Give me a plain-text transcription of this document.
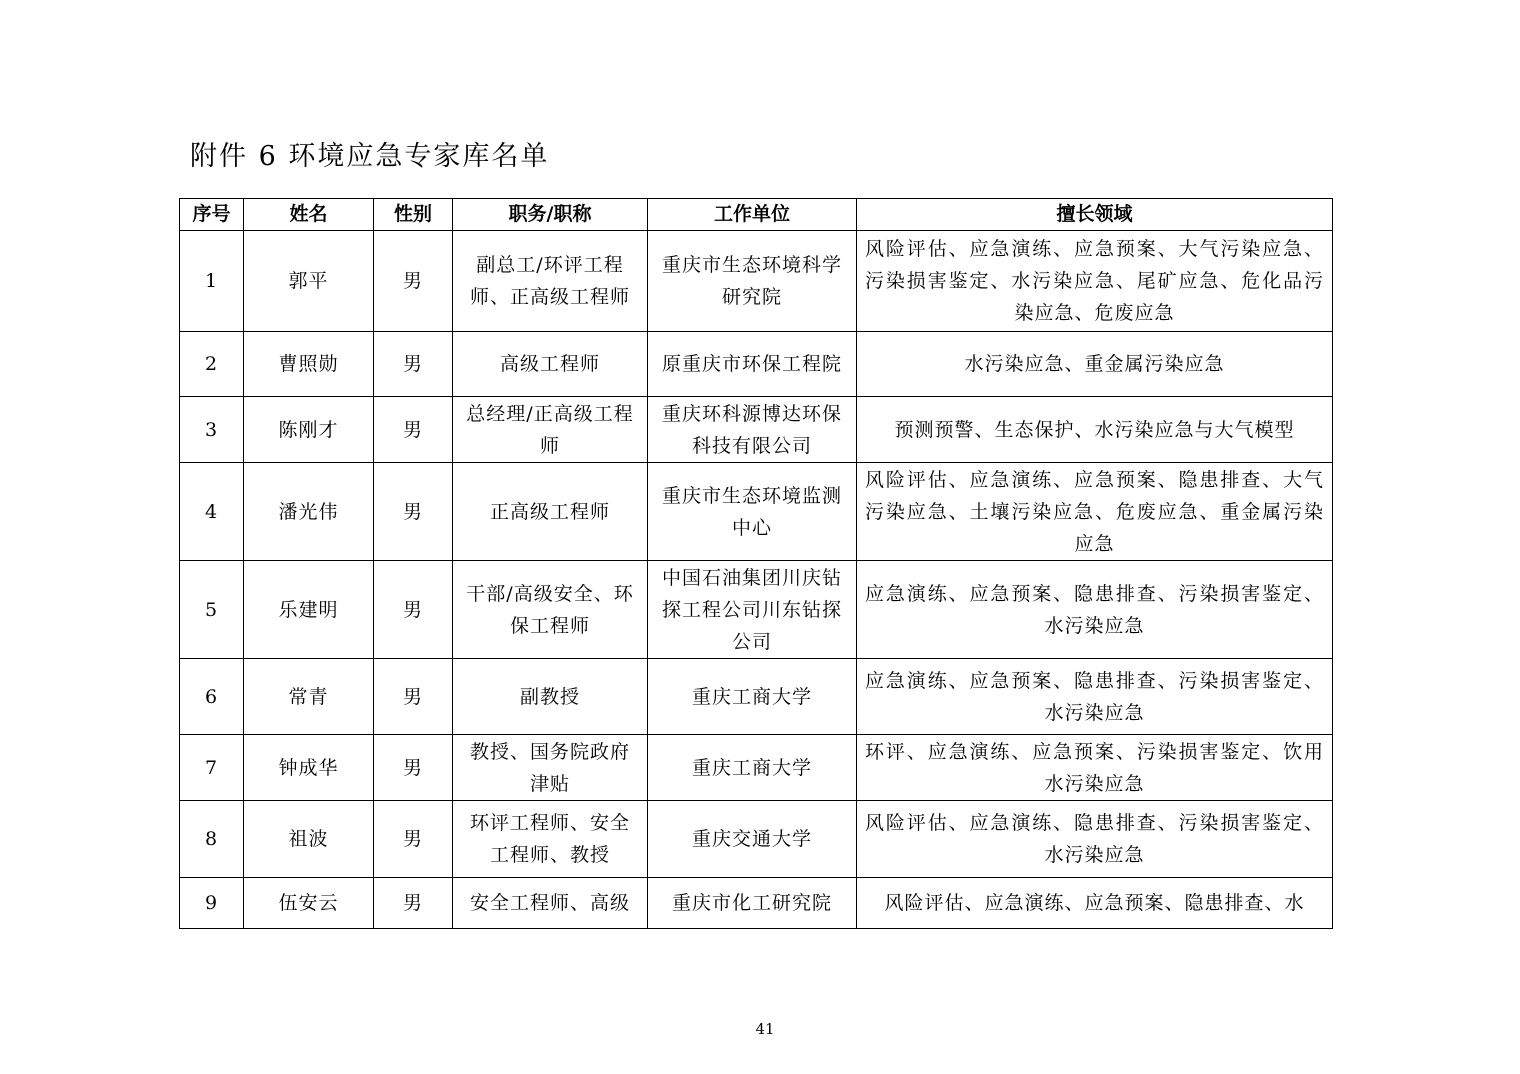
附件 6 环境应急专家库名单
序号	姓名	性别	职务/职称	工作单位	擅长领域
1	郭平	男	副总工/环评工程师、正高级工程师	重庆市生态环境科学研究院	风险评估、应急演练、应急预案、大气污染应急、污染损害鉴定、水污染应急、尾矿应急、危化品污染应急、危废应急
2	曹照勋	男	高级工程师	原重庆市环保工程院	水污染应急、重金属污染应急
3	陈刚才	男	总经理/正高级工程师	重庆环科源博达环保科技有限公司	预测预警、生态保护、水污染应急与大气模型
4	潘光伟	男	正高级工程师	重庆市生态环境监测中心	风险评估、应急演练、应急预案、隐患排查、大气污染应急、土壤污染应急、危废应急、重金属污染应急
5	乐建明	男	干部/高级安全、环保工程师	中国石油集团川庆钻探工程公司川东钻探公司	应急演练、应急预案、隐患排查、污染损害鉴定、水污染应急
6	常青	男	副教授	重庆工商大学	应急演练、应急预案、隐患排查、污染损害鉴定、水污染应急
7	钟成华	男	教授、国务院政府津贴	重庆工商大学	环评、应急演练、应急预案、污染损害鉴定、饮用水污染应急
8	祖波	男	环评工程师、安全工程师、教授	重庆交通大学	风险评估、应急演练、隐患排查、污染损害鉴定、水污染应急
9	伍安云	男	安全工程师、高级	重庆市化工研究院	风险评估、应急演练、应急预案、隐患排查、水
41
